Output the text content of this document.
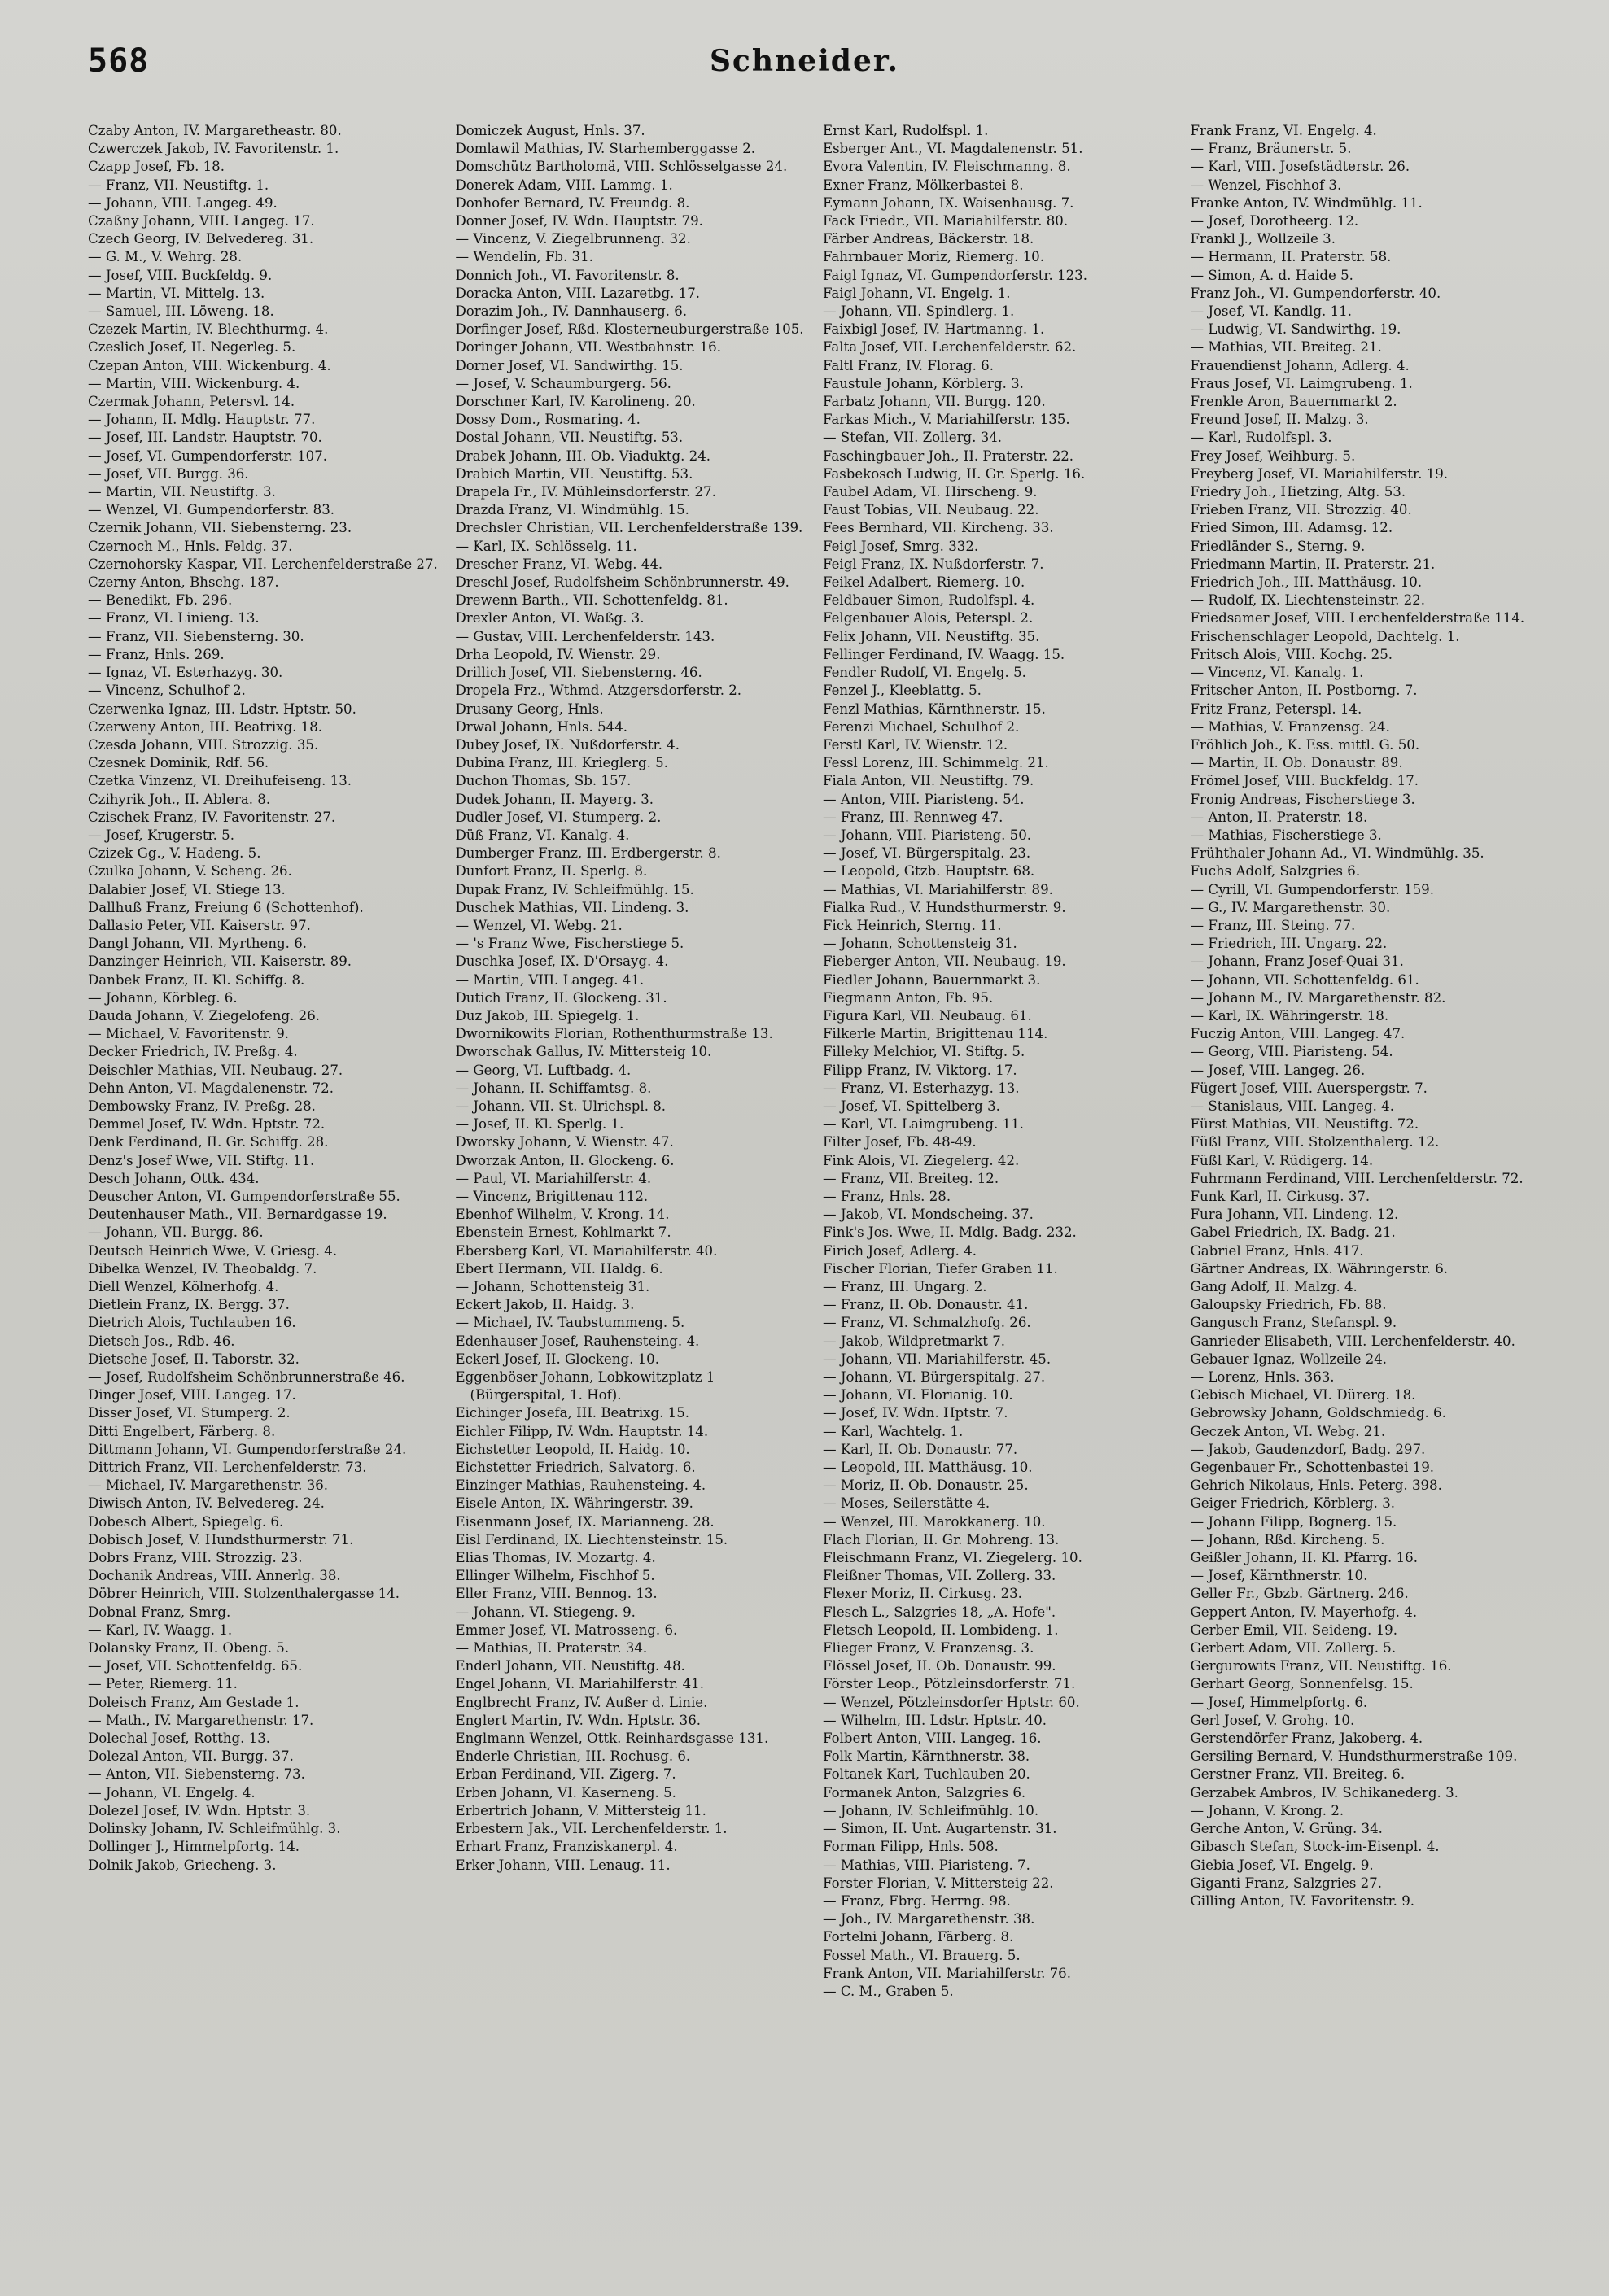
568	Schneider.

Czaby Anton, IV. Margaretheastr. 80.

Czwerczek Jakob, IV. Favoritenstr. 1.

Czapp Josef, Fb. 18.

— Franz, VII. Neustiftg. 1.

— Johann, VIII. Langeg. 49.

Czaßny Johann, VIII. Langeg. 17.

Czech Georg, IV. Belvedereg. 31.

— G. M., V. Wehrg. 28.

— Josef, VIII. Buckfeldg. 9.

— Martin, VI. Mittelg. 13.

— Samuel, III. Löweng. 18.

Czezek Martin, IV. Blechthurmg. 4.

Czeslich Josef, II. Negerleg. 5.

Czepan Anton, VIII. Wickenburg. 4.

— Martin, VIII. Wickenburg. 4.

Czermak Johann, Petersvl. 14.

— Johann, II. Mdlg. Hauptstr. 77.

— Josef, III. Landstr. Hauptstr. 70.

— Josef, VI. Gumpendorferstr. 107.

— Josef, VII. Burgg. 36.

— Martin, VII. Neustiftg. 3.

— Wenzel, VI. Gumpendorferstr. 83.

Czernik Johann, VII. Siebensterng. 23.

Czernoch M., Hnls. Feldg. 37.

Czernohorsky Kaspar, VII. Lerchenfelderstraße 27.

Czerny Anton, Bhschg. 187.

— Benedikt, Fb. 296.

— Franz, VI. Linieng. 13.

— Franz, VII. Siebensterng. 30.

— Franz, Hnls. 269.

— Ignaz, VI. Esterhazyg. 30.

— Vincenz, Schulhof 2.

Czerwenka Ignaz, III. Ldstr. Hptstr. 50.

Czerweny Anton, III. Beatrixg. 18.

Czesda Johann, VIII. Strozzig. 35.

Czesnek Dominik, Rdf. 56.

Czetka Vinzenz, VI. Dreihufeiseng. 13.

Czihyrik Joh., II. Ablera. 8.

Czischek Franz, IV. Favoritenstr. 27.

— Josef, Krugerstr. 5.

Czizek Gg., V. Hadeng. 5.

Czulka Johann, V. Scheng. 26.

Dalabier Josef, VI. Stiege 13.

Dallhuß Franz, Freiung 6 (Schottenhof).

Dallasio Peter, VII. Kaiserstr. 97.

Dangl Johann, VII. Myrtheng. 6.

Danzinger Heinrich, VII. Kaiserstr. 89.

Danbek Franz, II. Kl. Schiffg. 8.

— Johann, Körbleg. 6.

Dauda Johann, V. Ziegelofeng. 26.

— Michael, V. Favoritenstr. 9.

Decker Friedrich, IV. Preßg. 4.

Deischler Mathias, VII. Neubaug. 27.

Dehn Anton, VI. Magdalenenstr. 72.

Dembowsky Franz, IV. Preßg. 28.

Demmel Josef, IV. Wdn. Hptstr. 72.

Denk Ferdinand, II. Gr. Schiffg. 28.

Denz's Josef Wwe, VII. Stiftg. 11.

Desch Johann, Ottk. 434.

Deuscher Anton, VI. Gumpendorferstraße 55.

Deutenhauser Math., VII. Bernardgasse 19.

— Johann, VII. Burgg. 86.

Deutsch Heinrich Wwe, V. Griesg. 4.

Dibelka Wenzel, IV. Theobaldg. 7.

Diell Wenzel, Kölnerhofg. 4.

Dietlein Franz, IX. Bergg. 37.

Dietrich Alois, Tuchlauben 16.

Dietsch Jos., Rdb. 46.

Dietsche Josef, II. Taborstr. 32.

— Josef, Rudolfsheim Schönbrunnerstraße 46.

Dinger Josef, VIII. Langeg. 17.

Disser Josef, VI. Stumperg. 2.

Ditti Engelbert, Färberg. 8.

Dittmann Johann, VI. Gumpendorferstraße 24.

Dittrich Franz, VII. Lerchenfelderstr. 73.

— Michael, IV. Margarethenstr. 36.

Diwisch Anton, IV. Belvedereg. 24.

Dobesch Albert, Spiegelg. 6.

Dobisch Josef, V. Hundsthurmerstr. 71.

Dobrs Franz, VIII. Strozzig. 23.

Dochanik Andreas, VIII. Annerlg. 38.

Döbrer Heinrich, VIII. Stolzenthalergasse 14.

Dobnal Franz, Smrg.

— Karl, IV. Waagg. 1.

Dolansky Franz, II. Obeng. 5.

— Josef, VII. Schottenfeldg. 65.

— Peter, Riemerg. 11.

Doleisch Franz, Am Gestade 1.

— Math., IV. Margarethenstr. 17.

Dolechal Josef, Rotthg. 13.

Dolezal Anton, VII. Burgg. 37.

— Anton, VII. Siebensterng. 73.

— Johann, VI. Engelg. 4.

Dolezel Josef, IV. Wdn. Hptstr. 3.

Dolinsky Johann, IV. Schleifmühlg. 3.

Dollinger J., Himmelpfortg. 14.

Dolnik Jakob, Griecheng. 3.

Domiczek August, Hnls. 37.

Domlawil Mathias, IV. Starhemberggasse 2.

Domschütz Bartholomä, VIII. Schlösselgasse 24.

Donerek Adam, VIII. Lammg. 1.

Donhofer Bernard, IV. Freundg. 8.

Donner Josef, IV. Wdn. Hauptstr. 79.

— Vincenz, V. Ziegelbrunneng. 32.

— Wendelin, Fb. 31.

Donnich Joh., VI. Favoritenstr. 8.

Doracka Anton, VIII. Lazaretbg. 17.

Dorazim Joh., IV. Dannhauserg. 6.

Dorfinger Josef, Rßd. Klosterneuburgerstraße 105.

Doringer Johann, VII. Westbahnstr. 16.

Dorner Josef, VI. Sandwirthg. 15.

— Josef, V. Schaumburgerg. 56.

Dorschner Karl, IV. Karolineng. 20.

Dossy Dom., Rosmaring. 4.

Dostal Johann, VII. Neustiftg. 53.

Drabek Johann, III. Ob. Viaduktg. 24.

Drabich Martin, VII. Neustiftg. 53.

Drapela Fr., IV. Mühleinsdorferstr. 27.

Drazda Franz, VI. Windmühlg. 15.

Drechsler Christian, VII. Lerchenfelderstraße 139.

— Karl, IX. Schlösselg. 11.

Drescher Franz, VI. Webg. 44.

Dreschl Josef, Rudolfsheim Schönbrunnerstr. 49.

Drewenn Barth., VII. Schottenfeldg. 81.

Drexler Anton, VI. Waßg. 3.

— Gustav, VIII. Lerchenfelderstr. 143.

Drha Leopold, IV. Wienstr. 29.

Drillich Josef, VII. Siebensterng. 46.

Dropela Frz., Wthmd. Atzgersdorferstr. 2.

Drusany Georg, Hnls.

Drwal Johann, Hnls. 544.

Dubey Josef, IX. Nußdorferstr. 4.

Dubina Franz, III. Krieglerg. 5.

Duchon Thomas, Sb. 157.

Dudek Johann, II. Mayerg. 3.

Dudler Josef, VI. Stumperg. 2.

Düß Franz, VI. Kanalg. 4.

Dumberger Franz, III. Erdbergerstr. 8.

Dunfort Franz, II. Sperlg. 8.

Dupak Franz, IV. Schleifmühlg. 15.

Duschek Mathias, VII. Lindeng. 3.

— Wenzel, VI. Webg. 21.

— 's Franz Wwe, Fischerstiege 5.

Duschka Josef, IX. D'Orsayg. 4.

— Martin, VIII. Langeg. 41.

Dutich Franz, II. Glockeng. 31.

Duz Jakob, III. Spiegelg. 1.

Dwornikowits Florian, Rothenthurmstraße 13.

Dworschak Gallus, IV. Mittersteig 10.

— Georg, VI. Luftbadg. 4.

— Johann, II. Schiffamtsg. 8.

— Johann, VII. St. Ulrichspl. 8.

— Josef, II. Kl. Sperlg. 1.

Dworsky Johann, V. Wienstr. 47.

Dworzak Anton, II. Glockeng. 6.

— Paul, VI. Mariahilferstr. 4.

— Vincenz, Brigittenau 112.

Ebenhof Wilhelm, V. Krong. 14.

Ebenstein Ernest, Kohlmarkt 7.

Ebersberg Karl, VI. Mariahilferstr. 40.

Ebert Hermann, VII. Haldg. 6.

— Johann, Schottensteig 31.

Eckert Jakob, II. Haidg. 3.

— Michael, IV. Taubstummeng. 5.

Edenhauser Josef, Rauhensteing. 4.

Eckerl Josef, II. Glockeng. 10.

Eggenböser Johann, Lobkowitzplatz 1 (Bürgerspital, 1. Hof).

Eichinger Josefa, III. Beatrixg. 15.

Eichler Filipp, IV. Wdn. Hauptstr. 14.

Eichstetter Leopold, II. Haidg. 10.

Eichstetter Friedrich, Salvatorg. 6.

Einzinger Mathias, Rauhensteing. 4.

Eisele Anton, IX. Währingerstr. 39.

Eisenmann Josef, IX. Marianneng. 28.

Eisl Ferdinand, IX. Liechtensteinstr. 15.

Elias Thomas, IV. Mozartg. 4.

Ellinger Wilhelm, Fischhof 5.

Eller Franz, VIII. Bennog. 13.

— Johann, VI. Stiegeng. 9.

Emmer Josef, VI. Matrosseng. 6.

— Mathias, II. Praterstr. 34.

Enderl Johann, VII. Neustiftg. 48.

Engel Johann, VI. Mariahilferstr. 41.

Englbrecht Franz, IV. Außer d. Linie.

Englert Martin, IV. Wdn. Hptstr. 36.

Englmann Wenzel, Ottk. Reinhardsgasse 131.

Enderle Christian, III. Rochusg. 6.

Erban Ferdinand, VII. Zigerg. 7.

Erben Johann, VI. Kaserneng. 5.

Erbertrich Johann, V. Mittersteig 11.

Erbestern Jak., VII. Lerchenfelderstr. 1.

Erhart Franz, Franziskanerpl. 4.

Erker Johann, VIII. Lenaug. 11.

Ernst Karl, Rudolfspl. 1.

Esberger Ant., VI. Magdalenenstr. 51.

Evora Valentin, IV. Fleischmanng. 8.

Exner Franz, Mölkerbastei 8.

Eymann Johann, IX. Waisenhausg. 7.

Fack Friedr., VII. Mariahilferstr. 80.

Färber Andreas, Bäckerstr. 18.

Fahrnbauer Moriz, Riemerg. 10.

Faigl Ignaz, VI. Gumpendorferstr. 123.

Faigl Johann, VI. Engelg. 1.

— Johann, VII. Spindlerg. 1.

Faixbigl Josef, IV. Hartmanng. 1.

Falta Josef, VII. Lerchenfelderstr. 62.

Faltl Franz, IV. Florag. 6.

Faustule Johann, Körblerg. 3.

Farbatz Johann, VII. Burgg. 120.

Farkas Mich., V. Mariahilferstr. 135.

— Stefan, VII. Zollerg. 34.

Faschingbauer Joh., II. Praterstr. 22.

Fasbekosch Ludwig, II. Gr. Sperlg. 16.

Faubel Adam, VI. Hirscheng. 9.

Faust Tobias, VII. Neubaug. 22.

Fees Bernhard, VII. Kircheng. 33.

Feigl Josef, Smrg. 332.

Feigl Franz, IX. Nußdorferstr. 7.

Feikel Adalbert, Riemerg. 10.

Feldbauer Simon, Rudolfspl. 4.

Felgenbauer Alois, Peterspl. 2.

Felix Johann, VII. Neustiftg. 35.

Fellinger Ferdinand, IV. Waagg. 15.

Fendler Rudolf, VI. Engelg. 5.

Fenzel J., Kleeblattg. 5.

Fenzl Mathias, Kärnthnerstr. 15.

Ferenzi Michael, Schulhof 2.

Ferstl Karl, IV. Wienstr. 12.

Fessl Lorenz, III. Schimmelg. 21.

Fiala Anton, VII. Neustiftg. 79.

— Anton, VIII. Piaristeng. 54.

— Franz, III. Rennweg 47.

— Johann, VIII. Piaristeng. 50.

— Josef, VI. Bürgerspitalg. 23.

— Leopold, Gtzb. Hauptstr. 68.

— Mathias, VI. Mariahilferstr. 89.

Fialka Rud., V. Hundsthurmerstr. 9.

Fick Heinrich, Sterng. 11.

— Johann, Schottensteig 31.

Fieberger Anton, VII. Neubaug. 19.

Fiedler Johann, Bauernmarkt 3.

Fiegmann Anton, Fb. 95.

Figura Karl, VII. Neubaug. 61.

Filkerle Martin, Brigittenau 114.

Filleky Melchior, VI. Stiftg. 5.

Filipp Franz, IV. Viktorg. 17.

— Franz, VI. Esterhazyg. 13.

— Josef, VI. Spittelberg 3.

— Karl, VI. Laimgrubeng. 11.

Filter Josef, Fb. 48-49.

Fink Alois, VI. Ziegelerg. 42.

— Franz, VII. Breiteg. 12.

— Franz, Hnls. 28.

— Jakob, VI. Mondscheing. 37.

Fink's Jos. Wwe, II. Mdlg. Badg. 232.

Firich Josef, Adlerg. 4.

Fischer Florian, Tiefer Graben 11.

— Franz, III. Ungarg. 2.

— Franz, II. Ob. Donaustr. 41.

— Franz, VI. Schmalzhofg. 26.

— Jakob, Wildpretmarkt 7.

— Johann, VII. Mariahilferstr. 45.

— Johann, VI. Bürgerspitalg. 27.

— Johann, VI. Florianig. 10.

— Josef, IV. Wdn. Hptstr. 7.

— Karl, Wachtelg. 1.

— Karl, II. Ob. Donaustr. 77.

— Leopold, III. Matthäusg. 10.

— Moriz, II. Ob. Donaustr. 25.

— Moses, Seilerstätte 4.

— Wenzel, III. Marokkanerg. 10.

Flach Florian, II. Gr. Mohreng. 13.

Fleischmann Franz, VI. Ziegelerg. 10.

Fleißner Thomas, VII. Zollerg. 33.

Flexer Moriz, II. Cirkusg. 23.

Flesch L., Salzgries 18, „A. Hofe".

Fletsch Leopold, II. Lombideng. 1.

Flieger Franz, V. Franzensg. 3.

Flössel Josef, II. Ob. Donaustr. 99.

Förster Leop., Pötzleinsdorferstr. 71.

— Wenzel, Pötzleinsdorfer Hptstr. 60.

— Wilhelm, III. Ldstr. Hptstr. 40.

Folbert Anton, VIII. Langeg. 16.

Folk Martin, Kärnthnerstr. 38.

Foltanek Karl, Tuchlauben 20.

Formanek Anton, Salzgries 6.

— Johann, IV. Schleifmühlg. 10.

— Simon, II. Unt. Augartenstr. 31.

Forman Filipp, Hnls. 508.

— Mathias, VIII. Piaristeng. 7.

Forster Florian, V. Mittersteig 22.

— Franz, Fbrg. Herrng. 98.

— Joh., IV. Margarethenstr. 38.

Fortelni Johann, Färberg. 8.

Fossel Math., VI. Brauerg. 5.

Frank Anton, VII. Mariahilferstr. 76.

— C. M., Graben 5.

Frank Franz, VI. Engelg. 4.

— Franz, Bräunerstr. 5.

— Karl, VIII. Josefstädterstr. 26.

— Wenzel, Fischhof 3.

Franke Anton, IV. Windmühlg. 11.

— Josef, Dorotheerg. 12.

Frankl J., Wollzeile 3.

— Hermann, II. Praterstr. 58.

— Simon, A. d. Haide 5.

Franz Joh., VI. Gumpendorferstr. 40.

— Josef, VI. Kandlg. 11.

— Ludwig, VI. Sandwirthg. 19.

— Mathias, VII. Breiteg. 21.

Frauendienst Johann, Adlerg. 4.

Fraus Josef, VI. Laimgrubeng. 1.

Frenkle Aron, Bauernmarkt 2.

Freund Josef, II. Malzg. 3.

— Karl, Rudolfspl. 3.

Frey Josef, Weihburg. 5.

Freyberg Josef, VI. Mariahilferstr. 19.

Friedry Joh., Hietzing, Altg. 53.

Frieben Franz, VII. Strozzig. 40.

Fried Simon, III. Adamsg. 12.

Friedländer S., Sterng. 9.

Friedmann Martin, II. Praterstr. 21.

Friedrich Joh., III. Matthäusg. 10.

— Rudolf, IX. Liechtensteinstr. 22.

Friedsamer Josef, VIII. Lerchenfelderstraße 114.

Frischenschlager Leopold, Dachtelg. 1.

Fritsch Alois, VIII. Kochg. 25.

— Vincenz, VI. Kanalg. 1.

Fritscher Anton, II. Postborng. 7.

Fritz Franz, Peterspl. 14.

— Mathias, V. Franzensg. 24.

Fröhlich Joh., K. Ess. mittl. G. 50.

— Martin, II. Ob. Donaustr. 89.

Frömel Josef, VIII. Buckfeldg. 17.

Fronig Andreas, Fischerstiege 3.

— Anton, II. Praterstr. 18.

— Mathias, Fischerstiege 3.

Frühthaler Johann Ad., VI. Windmühlg. 35.

Fuchs Adolf, Salzgries 6.

— Cyrill, VI. Gumpendorferstr. 159.

— G., IV. Margarethenstr. 30.

— Franz, III. Steing. 77.

— Friedrich, III. Ungarg. 22.

— Johann, Franz Josef-Quai 31.

— Johann, VII. Schottenfeldg. 61.

— Johann M., IV. Margarethenstr. 82.

— Karl, IX. Währingerstr. 18.

Fuczig Anton, VIII. Langeg. 47.

— Georg, VIII. Piaristeng. 54.

— Josef, VIII. Langeg. 26.

Fügert Josef, VIII. Auerspergstr. 7.

— Stanislaus, VIII. Langeg. 4.

Fürst Mathias, VII. Neustiftg. 72.

Füßl Franz, VIII. Stolzenthalerg. 12.

Füßl Karl, V. Rüdigerg. 14.

Fuhrmann Ferdinand, VIII. Lerchenfelderstr. 72.

Funk Karl, II. Cirkusg. 37.

Fura Johann, VII. Lindeng. 12.

Gabel Friedrich, IX. Badg. 21.

Gabriel Franz, Hnls. 417.

Gärtner Andreas, IX. Währingerstr. 6.

Gang Adolf, II. Malzg. 4.

Galoupsky Friedrich, Fb. 88.

Gangusch Franz, Stefanspl. 9.

Ganrieder Elisabeth, VIII. Lerchenfelderstr. 40.

Gebauer Ignaz, Wollzeile 24.

— Lorenz, Hnls. 363.

Gebisch Michael, VI. Dürerg. 18.

Gebrowsky Johann, Goldschmiedg. 6.

Geczek Anton, VI. Webg. 21.

— Jakob, Gaudenzdorf, Badg. 297.

Gegenbauer Fr., Schottenbastei 19.

Gehrich Nikolaus, Hnls. Peterg. 398.

Geiger Friedrich, Körblerg. 3.

— Johann Filipp, Bognerg. 15.

— Johann, Rßd. Kircheng. 5.

Geißler Johann, II. Kl. Pfarrg. 16.

— Josef, Kärnthnerstr. 10.

Geller Fr., Gbzb. Gärtnerg. 246.

Geppert Anton, IV. Mayerhofg. 4.

Gerber Emil, VII. Seideng. 19.

Gerbert Adam, VII. Zollerg. 5.

Gergurowits Franz, VII. Neustiftg. 16.

Gerhart Georg, Sonnenfelsg. 15.

— Josef, Himmelpfortg. 6.

Gerl Josef, V. Grohg. 10.

Gerstendörfer Franz, Jakoberg. 4.

Gersiling Bernard, V. Hundsthurmerstraße 109.

Gerstner Franz, VII. Breiteg. 6.

Gerzabek Ambros, IV. Schikanederg. 3.

— Johann, V. Krong. 2.

Gerche Anton, V. Grüng. 34.

Gibasch Stefan, Stock-im-Eisenpl. 4.

Giebia Josef, VI. Engelg. 9.

Giganti Franz, Salzgries 27.

Gilling Anton, IV. Favoritenstr. 9.
